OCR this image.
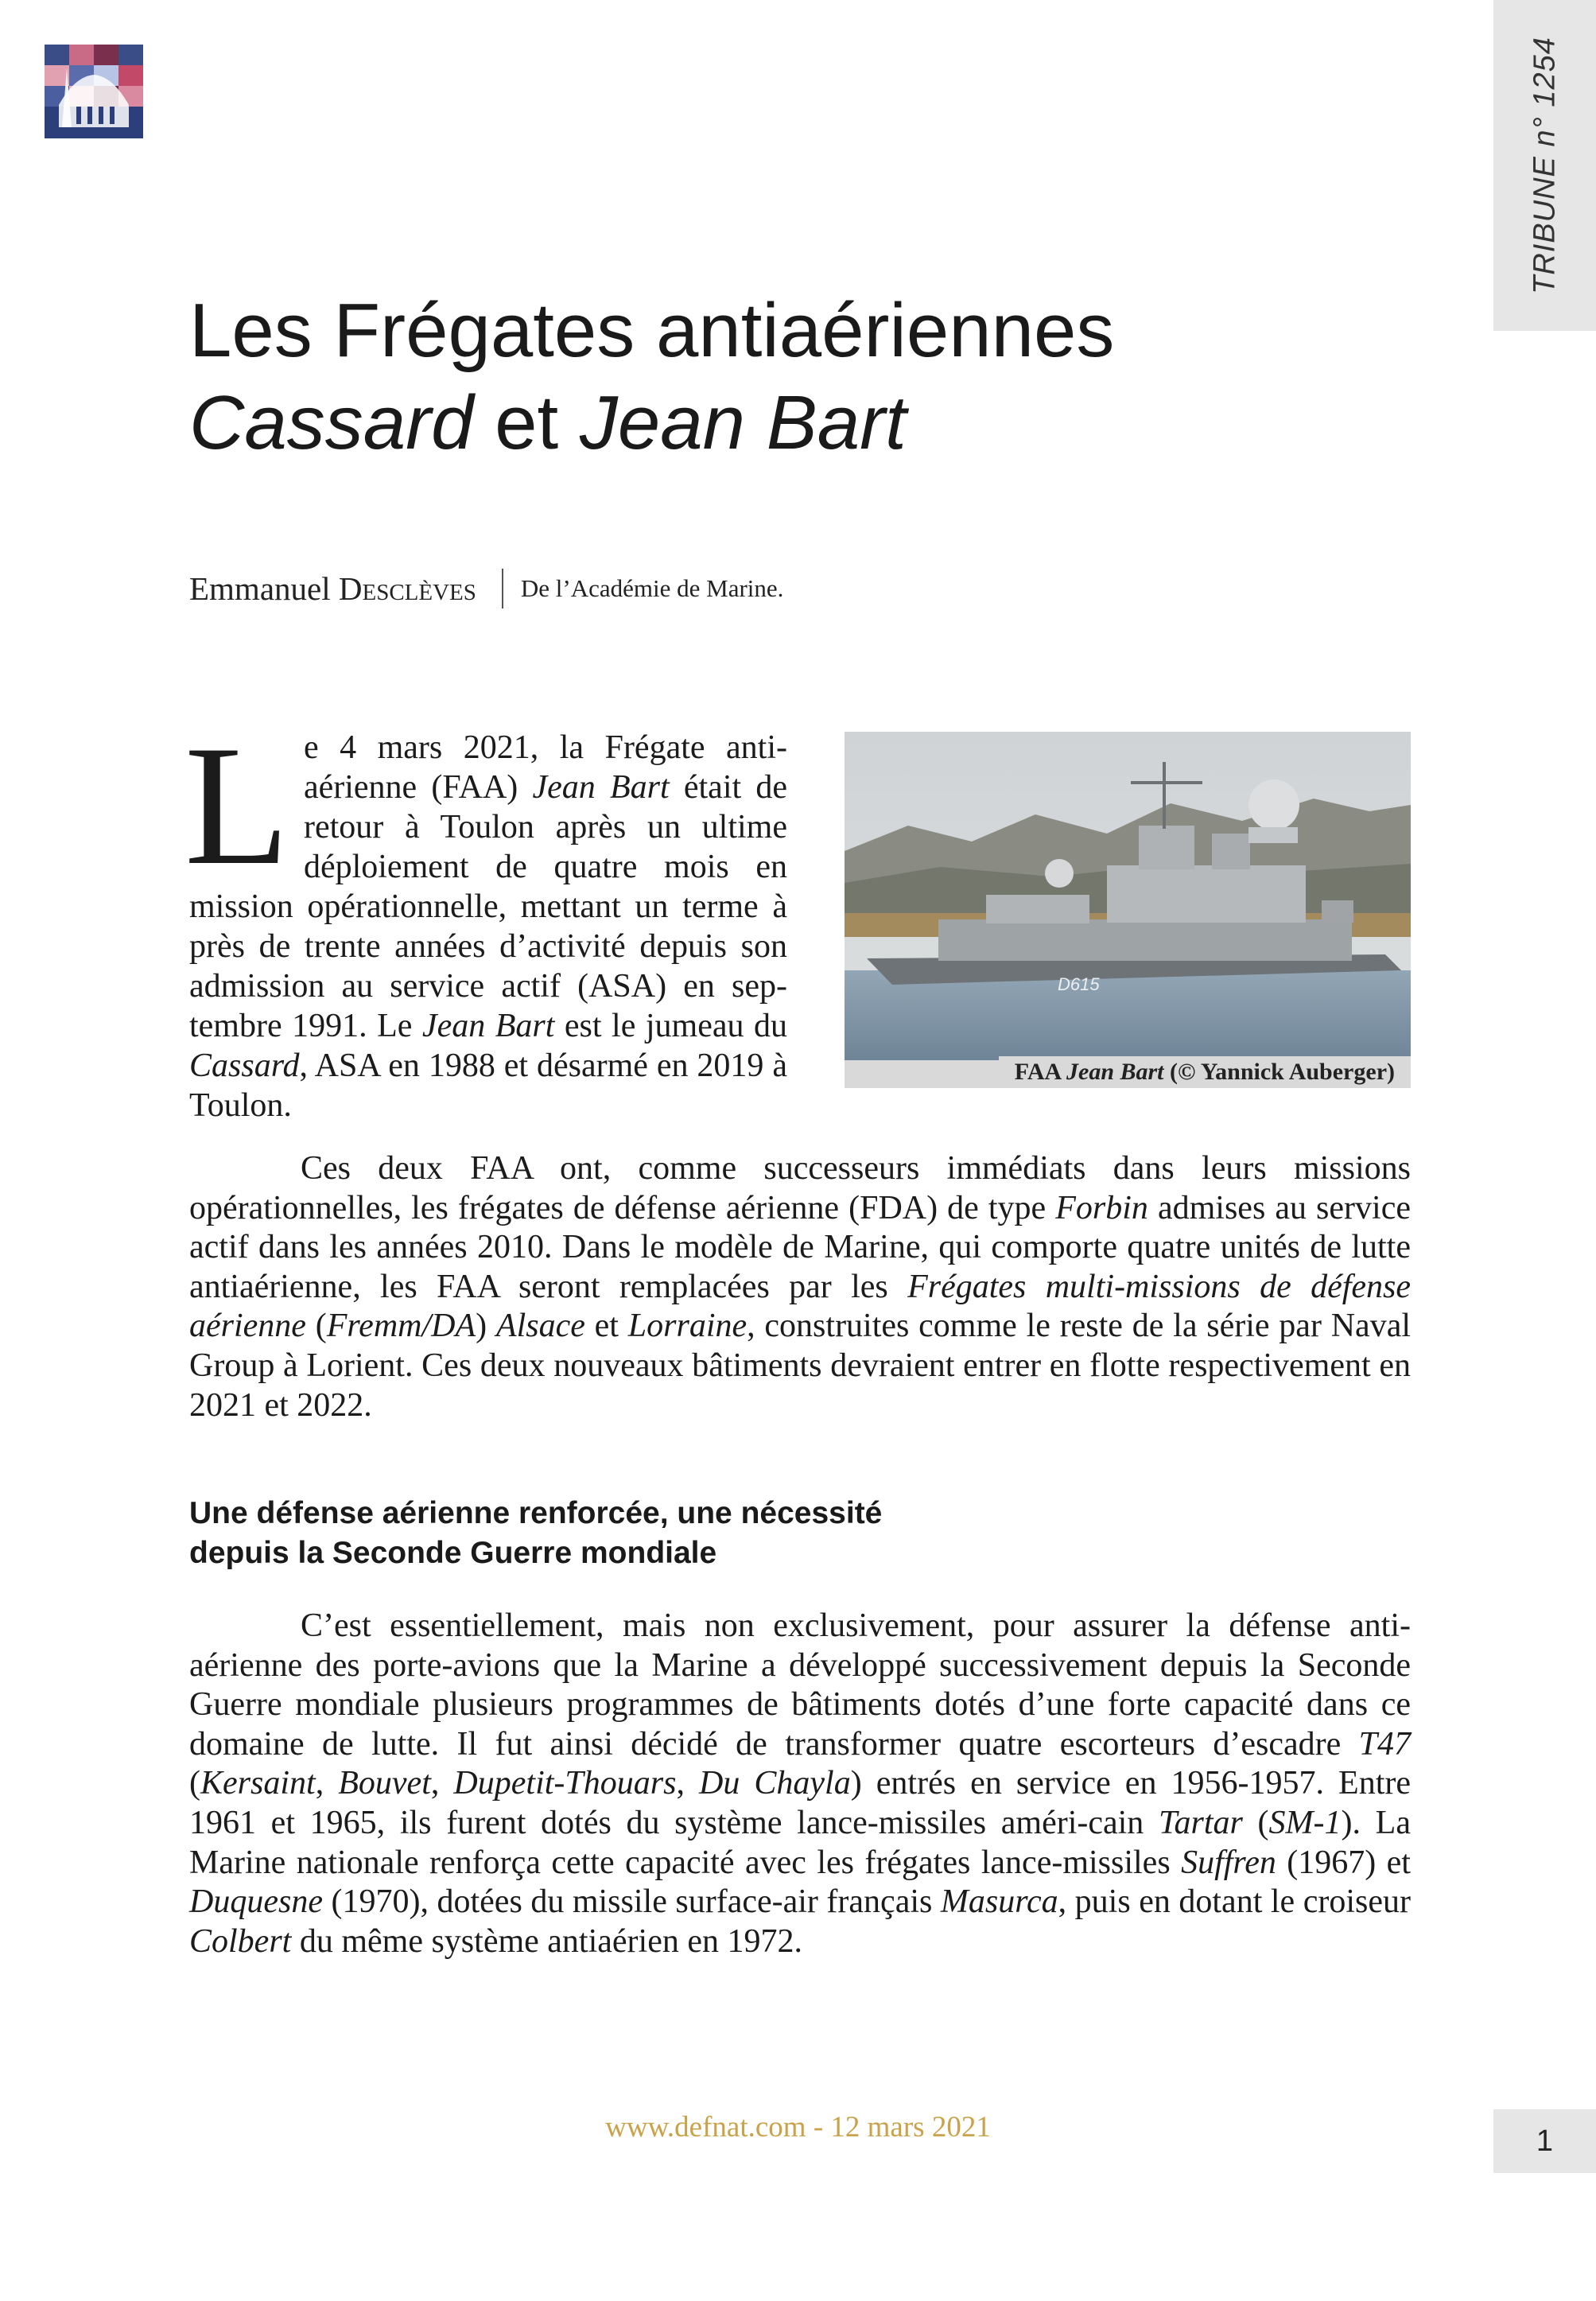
TRIBUNE n° 1254
Les Frégates antiaériennes
Cassard et Jean Bart
Emmanuel Desclèves De l’Académie de Marine.

Le 4 mars 2021, la Frégate anti-aérienne (FAA) Jean Bart était de retour à Toulon après un ultime déploiement de quatre mois en mission opérationnelle, mettant un terme à près de trente années d’activité depuis son admission au service actif (ASA) en sep-tembre 1991. Le Jean Bart est le jumeau du Cassard, ASA en 1988 et désarmé en 2019 à Toulon.

D615
FAA Jean Bart (© Yannick Auberger)

Ces deux FAA ont, comme successeurs immédiats dans leurs missions opérationnelles, les frégates de défense aérienne (FDA) de type Forbin admises au service actif dans les années 2010. Dans le modèle de Marine, qui comporte quatre unités de lutte antiaérienne, les FAA seront remplacées par les Frégates multi-missions de défense aérienne (Fremm/DA) Alsace et Lorraine, construites comme le reste de la série par Naval Group à Lorient. Ces deux nouveaux bâtiments devraient entrer en flotte respectivement en 2021 et 2022.

Une défense aérienne renforcée, une nécessité
depuis la Seconde Guerre mondiale

C’est essentiellement, mais non exclusivement, pour assurer la défense anti-aérienne des porte-avions que la Marine a développé successivement depuis la Seconde Guerre mondiale plusieurs programmes de bâtiments dotés d’une forte capacité dans ce domaine de lutte. Il fut ainsi décidé de transformer quatre escorteurs d’escadre T47 (Kersaint, Bouvet, Dupetit-Thouars, Du Chayla) entrés en service en 1956-1957. Entre 1961 et 1965, ils furent dotés du système lance-missiles améri-cain Tartar (SM-1). La Marine nationale renforça cette capacité avec les frégates lance-missiles Suffren (1967) et Duquesne (1970), dotées du missile surface-air français Masurca, puis en dotant le croiseur Colbert du même système antiaérien en 1972.

www.defnat.com - 12 mars 2021	1
